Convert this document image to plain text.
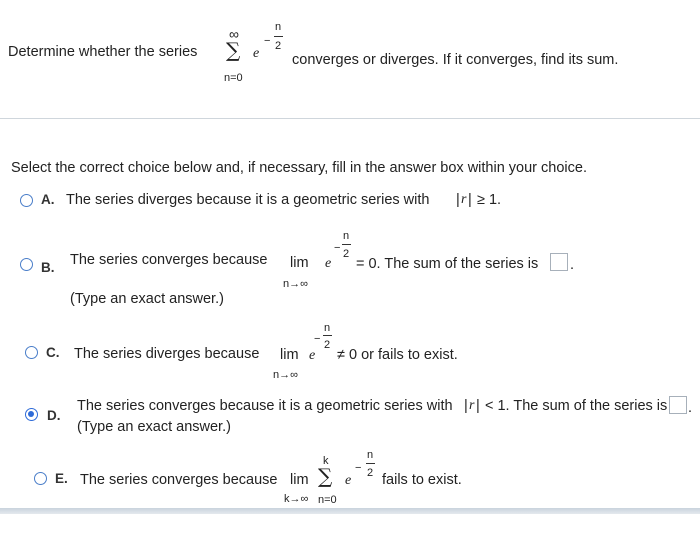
Determine whether the series
∞
∑
n=0
e
−
n
2
converges or diverges. If it converges, find its sum.
Select the correct choice below and, if necessary, fill in the answer box within your choice.
A. The series diverges because it is a geometric series with | r | ≥ 1.
B. The series converges because lim
n→∞
e
−
n
2
= 0. The sum of the series is .
(Type an exact answer.)
C. The series diverges because lim
n→∞
e
−
n
2
≠ 0 or fails to exist.
D.
The series converges because it is a geometric series with | r | < 1. The sum of the series is .
(Type an exact answer.)
E. The series converges because lim
k→∞
k
∑
n=0
e
−
n
2 fails to exist.
